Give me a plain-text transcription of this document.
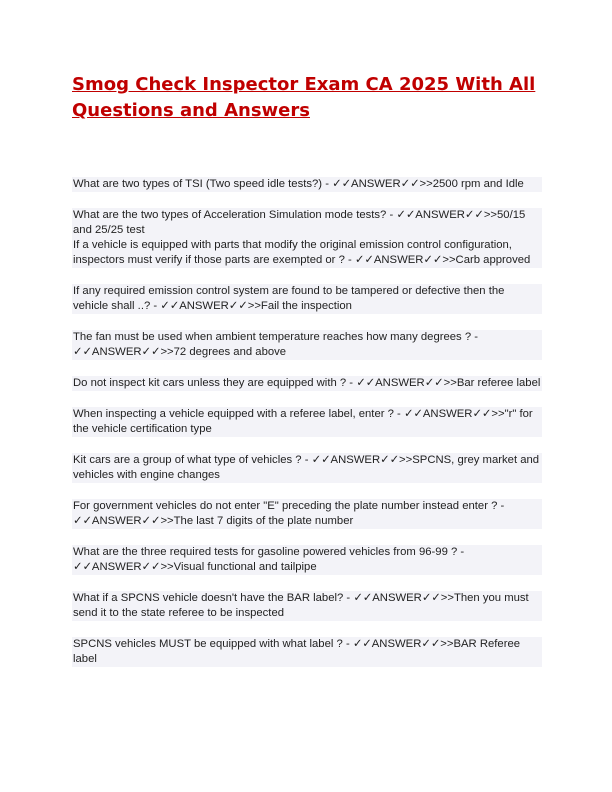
Smog Check Inspector Exam CA 2025 With All Questions and Answers

What are two types of TSI (Two speed idle tests?) - ✓✓ANSWER✓✓>>2500 rpm and Idle

What are the two types of Acceleration Simulation mode tests? - ✓✓ANSWER✓✓>>50/15 and 25/25 test

If a vehicle is equipped with parts that modify the original emission control configuration, inspectors must verify if those parts are exempted or ? - ✓✓ANSWER✓✓>>Carb approved

If any required emission control system are found to be tampered or defective then the vehicle shall ..? - ✓✓ANSWER✓✓>>Fail the inspection

The fan must be used when ambient temperature reaches how many degrees ? - ✓✓ANSWER✓✓>>72 degrees and above

Do not inspect kit cars unless they are equipped with ? - ✓✓ANSWER✓✓>>Bar referee label

When inspecting a vehicle equipped with a referee label, enter ? - ✓✓ANSWER✓✓>>"r" for the vehicle certification type

Kit cars are a group of what type of vehicles ? - ✓✓ANSWER✓✓>>SPCNS, grey market and vehicles with engine changes

For government vehicles do not enter "E" preceding the plate number instead enter ? - ✓✓ANSWER✓✓>>The last 7 digits of the plate number

What are the three required tests for gasoline powered vehicles from 96-99 ? - ✓✓ANSWER✓✓>>Visual functional and tailpipe

What if a SPCNS vehicle doesn't have the BAR label? - ✓✓ANSWER✓✓>>Then you must send it to the state referee to be inspected

SPCNS vehicles MUST be equipped with what label ? - ✓✓ANSWER✓✓>>BAR Referee label
